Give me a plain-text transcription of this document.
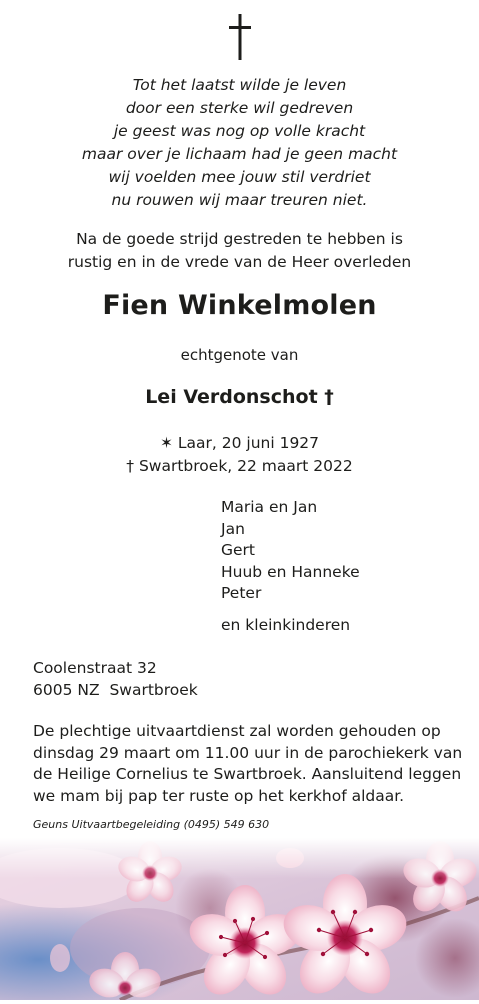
Tot het laatst wilde je leven
door een sterke wil gedreven
je geest was nog op volle kracht
maar over je lichaam had je geen macht
wij voelden mee jouw stil verdriet
nu rouwen wij maar treuren niet.
Na de goede strijd gestreden te hebben is
rustig en in de vrede van de Heer overleden
Fien Winkelmolen
echtgenote van
Lei Verdonschot †
✶ Laar, 20 juni 1927
† Swartbroek, 22 maart 2022
Maria en Jan
Jan
Gert
Huub en Hanneke
Peter
en kleinkinderen
Coolenstraat 32
6005 NZ  Swartbroek
De plechtige uitvaartdienst zal worden gehouden op
dinsdag 29 maart om 11.00 uur in de parochiekerk van
de Heilige Cornelius te Swartbroek. Aansluitend leggen
we mam bij pap ter ruste op het kerkhof aldaar.
Geuns Uitvaartbegeleiding (0495) 549 630
